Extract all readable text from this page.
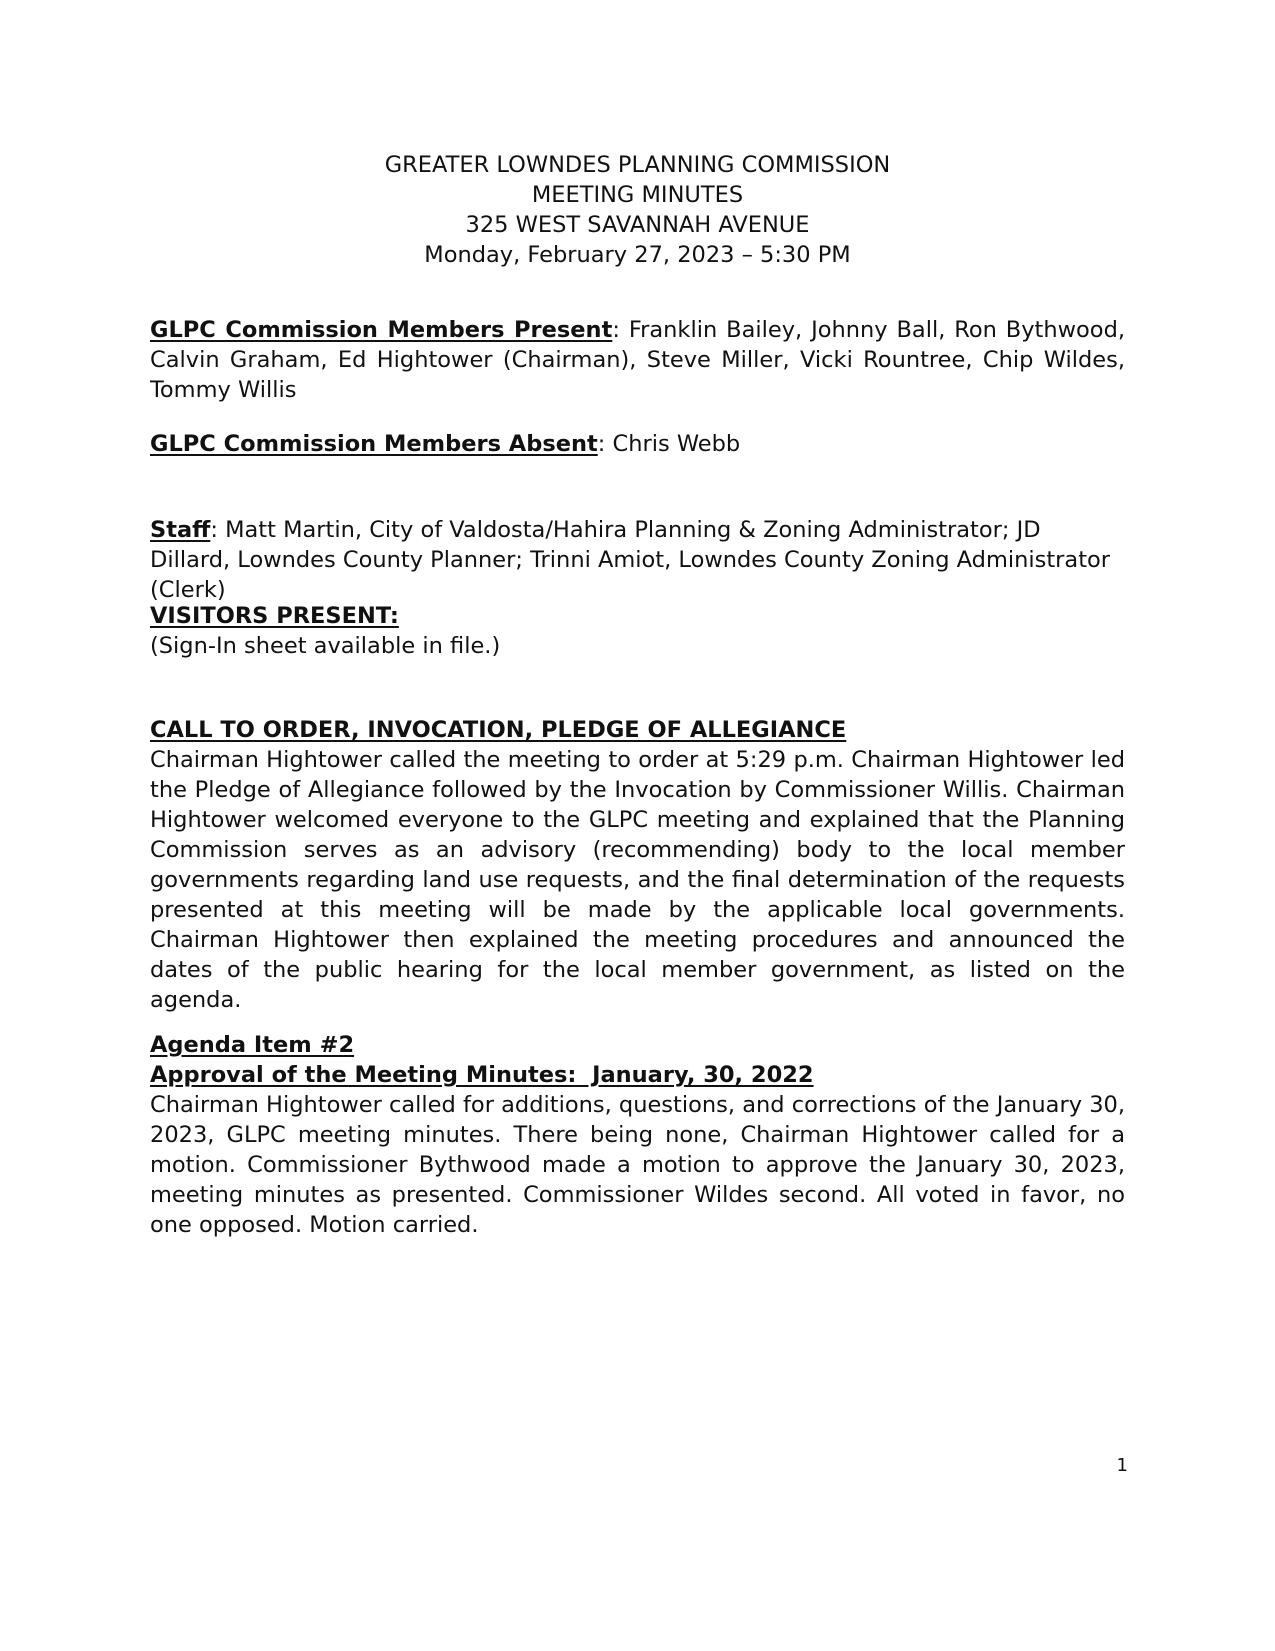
GREATER LOWNDES PLANNING COMMISSION
MEETING MINUTES
325 WEST SAVANNAH AVENUE
Monday, February 27, 2023 – 5:30 PM
GLPC Commission Members Present: Franklin Bailey, Johnny Ball, Ron Bythwood, Calvin Graham, Ed Hightower (Chairman), Steve Miller, Vicki Rountree, Chip Wildes, Tommy Willis
GLPC Commission Members Absent: Chris Webb
Staff: Matt Martin, City of Valdosta/Hahira Planning & Zoning Administrator; JD Dillard, Lowndes County Planner; Trinni Amiot, Lowndes County Zoning Administrator (Clerk)
VISITORS PRESENT:
(Sign-In sheet available in file.)
CALL TO ORDER, INVOCATION, PLEDGE OF ALLEGIANCE
Chairman Hightower called the meeting to order at 5:29 p.m. Chairman Hightower led the Pledge of Allegiance followed by the Invocation by Commissioner Willis. Chairman Hightower welcomed everyone to the GLPC meeting and explained that the Planning Commission serves as an advisory (recommending) body to the local member governments regarding land use requests, and the final determination of the requests presented at this meeting will be made by the applicable local governments. Chairman Hightower then explained the meeting procedures and announced the dates of the public hearing for the local member government, as listed on the agenda.
Agenda Item #2
Approval of the Meeting Minutes:  January, 30, 2022
Chairman Hightower called for additions, questions, and corrections of the January 30, 2023, GLPC meeting minutes. There being none, Chairman Hightower called for a motion. Commissioner Bythwood made a motion to approve the January 30, 2023, meeting minutes as presented. Commissioner Wildes second. All voted in favor, no one opposed. Motion carried.
1
